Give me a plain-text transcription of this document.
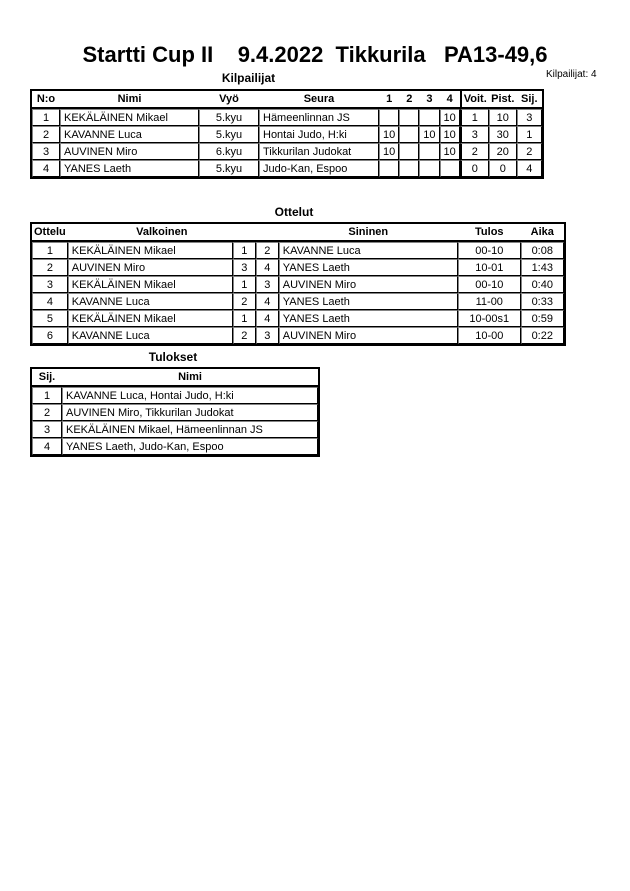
Startti Cup II    9.4.2022  Tikkurila   PA13-49,6
Kilpailijat: 4
Kilpailijat
N:o	Nimi	Vyö	Seura	1	2	3	4	Voit.	Pist.	Sij.
1	KEKÄLÄINEN Mikael	5.kyu	Hämeenlinnan JS				10	1	10	3
2	KAVANNE Luca	5.kyu	Hontai Judo, H:ki	10		10	10	3	30	1
3	AUVINEN Miro	6.kyu	Tikkurilan Judokat	10			10	2	20	2
4	YANES Laeth	5.kyu	Judo-Kan, Espoo					0	0	4
Ottelut
Ottelu	Valkoinen			Sininen	Tulos	Aika
1	KEKÄLÄINEN Mikael	1	2	KAVANNE Luca	00-10	0:08
2	AUVINEN Miro	3	4	YANES Laeth	10-01	1:43
3	KEKÄLÄINEN Mikael	1	3	AUVINEN Miro	00-10	0:40
4	KAVANNE Luca	2	4	YANES Laeth	11-00	0:33
5	KEKÄLÄINEN Mikael	1	4	YANES Laeth	10-00s1	0:59
6	KAVANNE Luca	2	3	AUVINEN Miro	10-00	0:22
Tulokset
Sij.	Nimi
1	KAVANNE Luca, Hontai Judo, H:ki
2	AUVINEN Miro, Tikkurilan Judokat
3	KEKÄLÄINEN Mikael, Hämeenlinnan JS
4	YANES Laeth, Judo-Kan, Espoo
